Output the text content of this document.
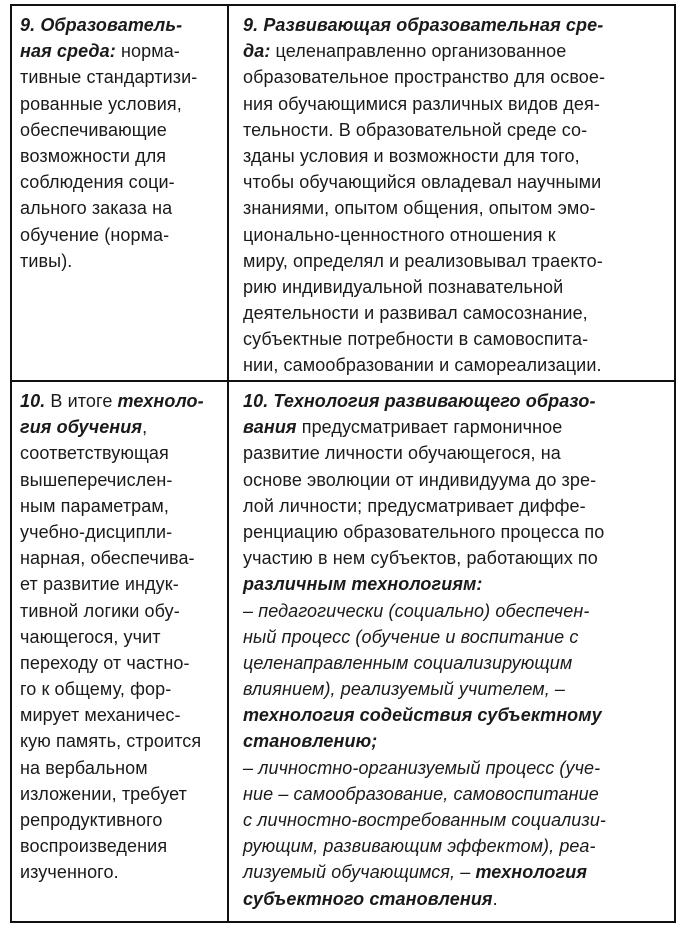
9. Образователь-
ная среда: норма-
тивные стандартизи-
рованные условия,
обеспечивающие
возможности для
соблюдения соци-
ального заказа на
обучение (норма-
тивы).
9. Развивающая образовательная сре-
да: целенаправленно организованное
образовательное пространство для освое-
ния обучающимися различных видов дея-
тельности. В образовательной среде со-
зданы условия и возможности для того,
чтобы обучающийся овладевал научными
знаниями, опытом общения, опытом эмо-
ционально-ценностного отношения к
миру, определял и реализовывал траекто-
рию индивидуальной познавательной
деятельности и развивал самосознание,
субъектные потребности в самовоспита-
нии, самообразовании и самореализации.
10. В итоге техноло-
гия обучения,
соответствующая
вышеперечислен-
ным параметрам,
учебно-дисципли-
нарная, обеспечива-
ет развитие индук-
тивной логики обу-
чающегося, учит
переходу от частно-
го к общему, фор-
мирует механичес-
кую память, строится
на вербальном
изложении, требует
репродуктивного
воспроизведения
изученного.
10. Технология развивающего образо-
вания предусматривает гармоничное
развитие личности обучающегося, на
основе эволюции от индивидуума до зре-
лой личности; предусматривает диффе-
ренциацию образовательного процесса по
участию в нем субъектов, работающих по
различным технологиям:
– педагогически (социально) обеспечен-
ный процесс (обучение и воспитание с
целенаправленным социализирующим
влиянием), реализуемый учителем, –
технология содействия субъектному
становлению;
– личностно-организуемый процесс (уче-
ние – самообразование, самовоспитание
с личностно-востребованным социализи-
рующим, развивающим эффектом), реа-
лизуемый обучающимся, – технология
субъектного становления.
